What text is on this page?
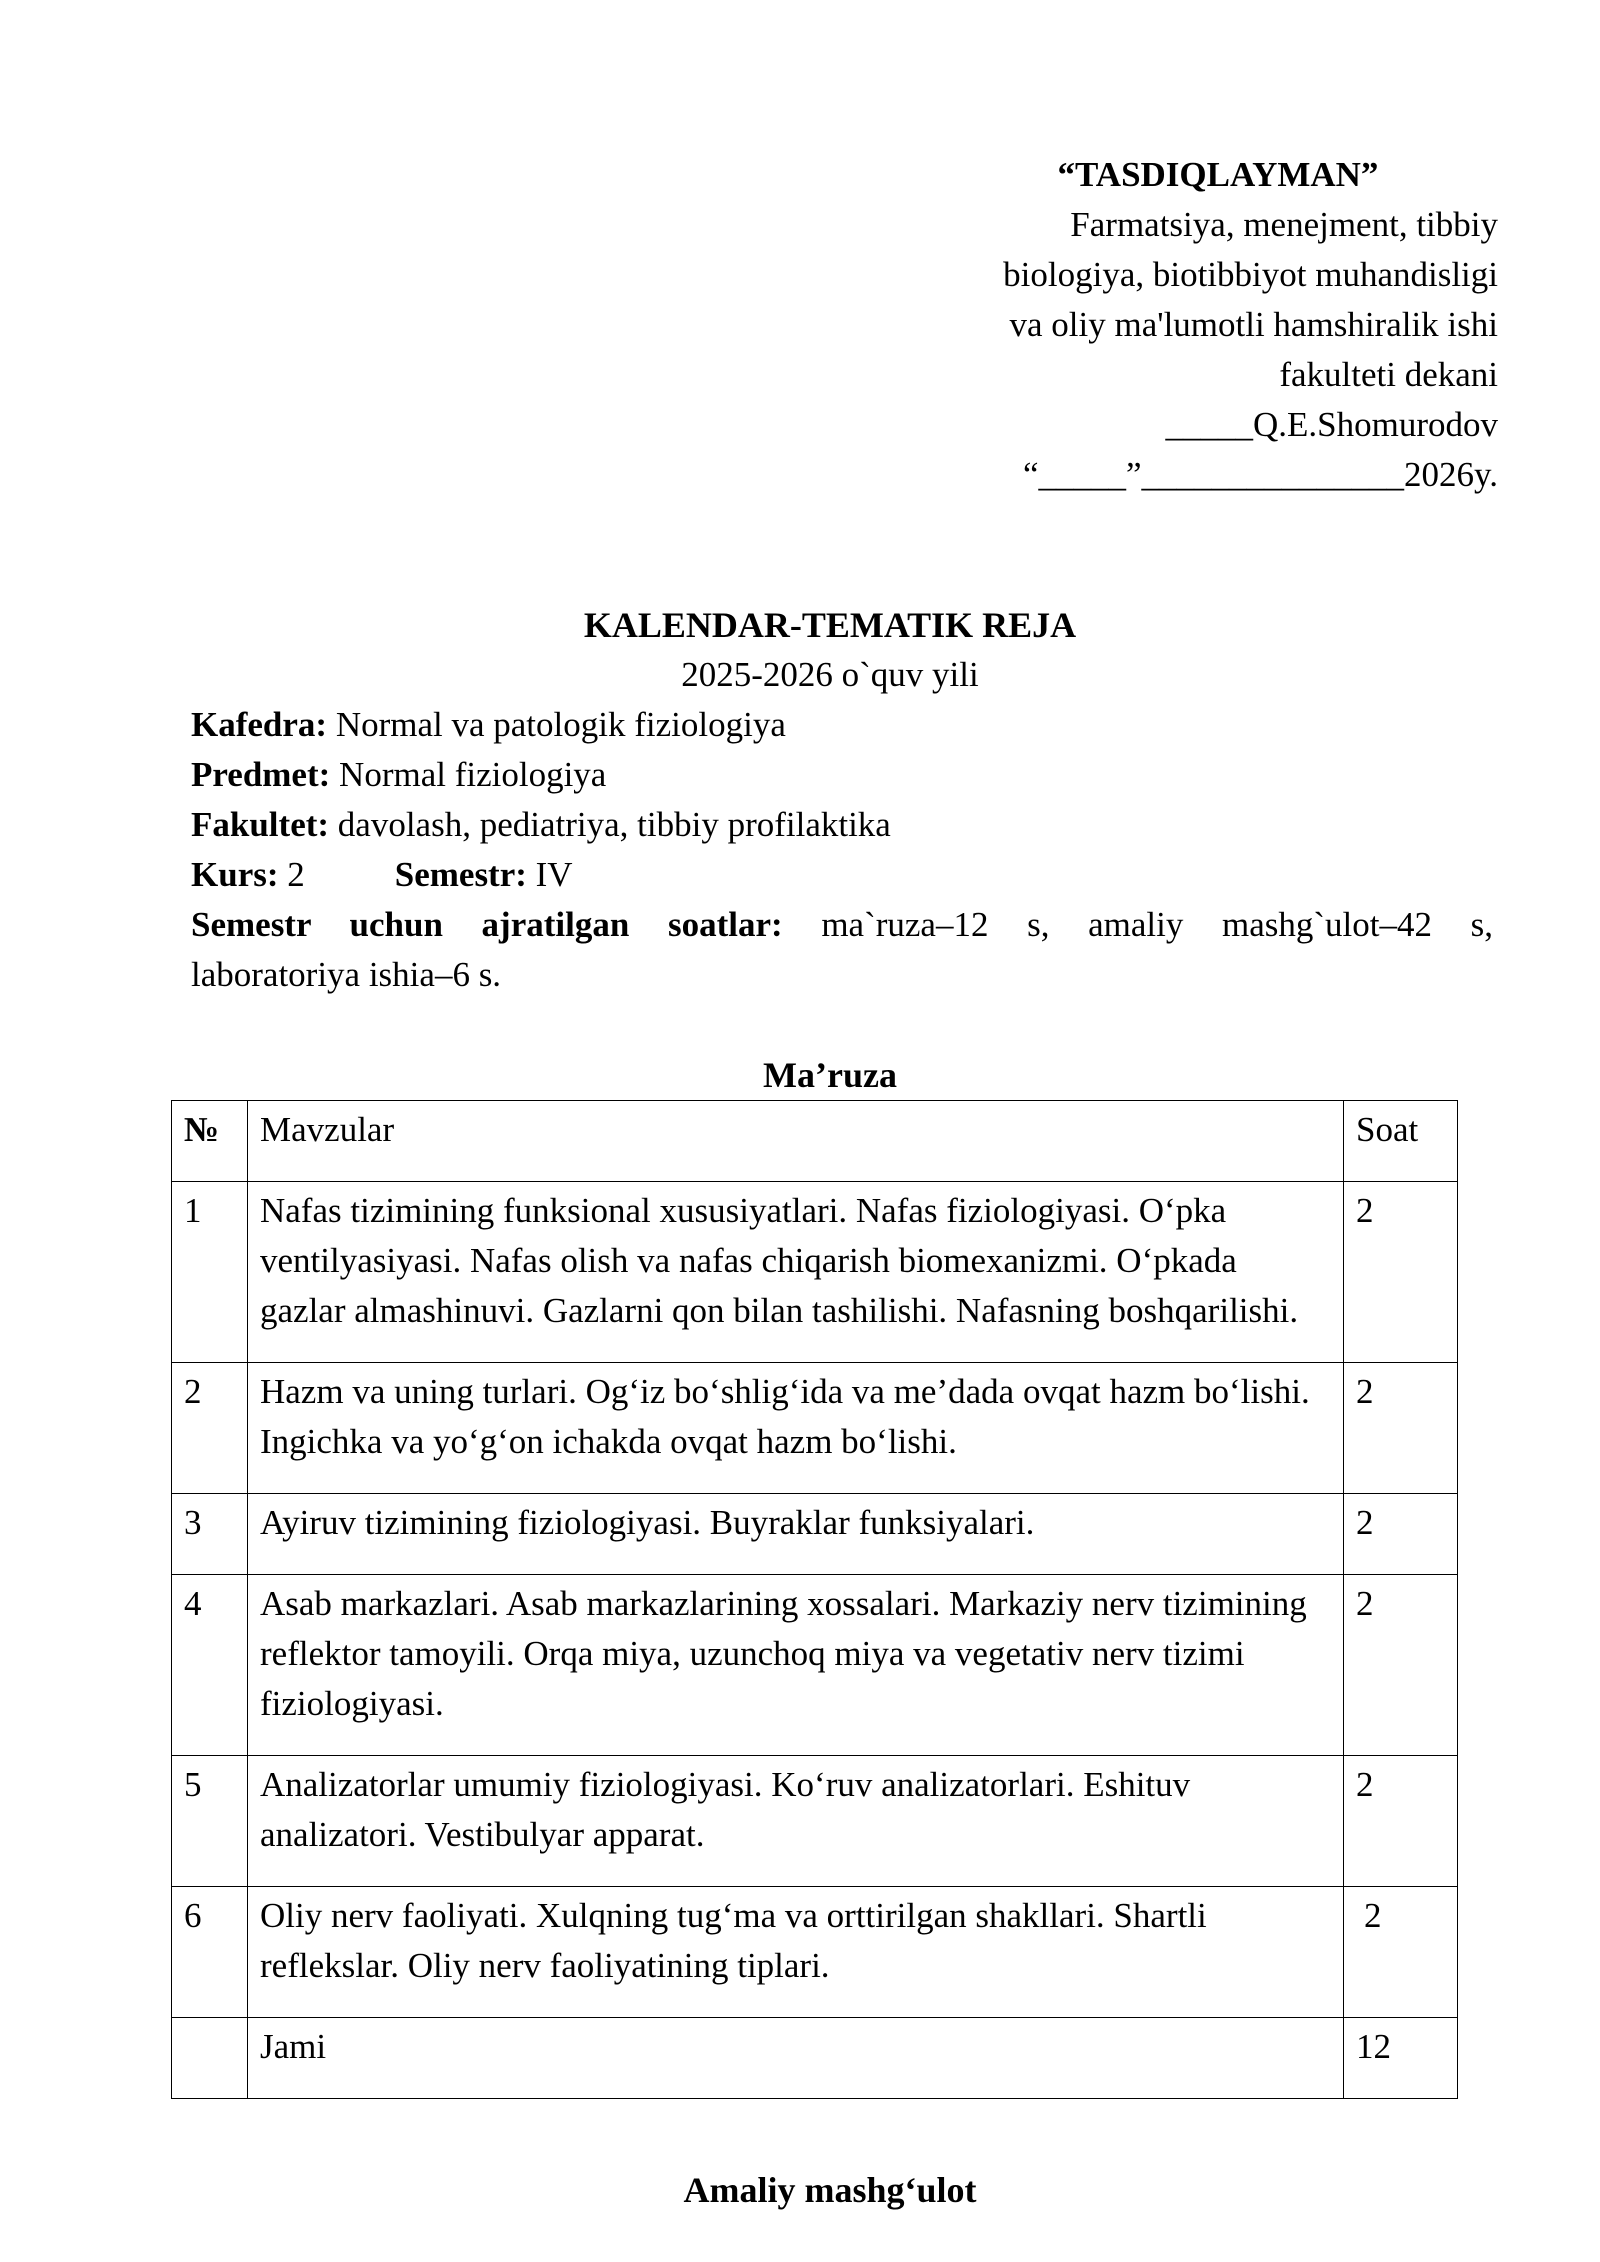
“TASDIQLAYMAN”
Farmatsiya, menejment, tibbiy
biologiya, biotibbiyot muhandisligi
va oliy ma'lumotli hamshiralik ishi
fakulteti dekani
_____Q.E.Shomurodov
“_____”_______________2026y.
KALENDAR-TEMATIK REJA
2025-2026 o`quv yili
Kafedra: Normal va patologik fiziologiya
Predmet: Normal fiziologiya
Fakultet: davolash, pediatriya, tibbiy profilaktika
Kurs: 2	Semestr: IV
Semestr uchun ajratilgan soatlar: ma`ruza–12 s, amaliy mashg`ulot–42 s,
laboratoriya ishia–6 s.
Ma’ruza
№	Mavzular	Soat
1	Nafas tizimining funksional xususiyatlari. Nafas fiziologiyasi. O‘pka ventilyasiyasi. Nafas olish va nafas chiqarish biomexanizmi. O‘pkada gazlar almashinuvi. Gazlarni qon bilan tashilishi. Nafasning boshqarilishi.	2
2	Hazm va uning turlari. Og‘iz bo‘shlig‘ida va me’dada ovqat hazm bo‘lishi. Ingichka va yo‘g‘on ichakda ovqat hazm bo‘lishi.	2
3	Ayiruv tizimining fiziologiyasi. Buyraklar funksiyalari.	2
4	Asab markazlari. Asab markazlarining xossalari. Markaziy nerv tizimining reflektor tamoyili. Orqa miya, uzunchoq miya va vegetativ nerv tizimi fiziologiyasi.	2
5	Analizatorlar umumiy fiziologiyasi. Ko‘ruv analizatorlari. Eshituv analizatori. Vestibulyar apparat.	2
6	Oliy nerv faoliyati. Xulqning tug‘ma va orttirilgan shakllari. Shartli reflekslar. Oliy nerv faoliyatining tiplari.	2
	Jami	12
Amaliy mashg‘ulot
